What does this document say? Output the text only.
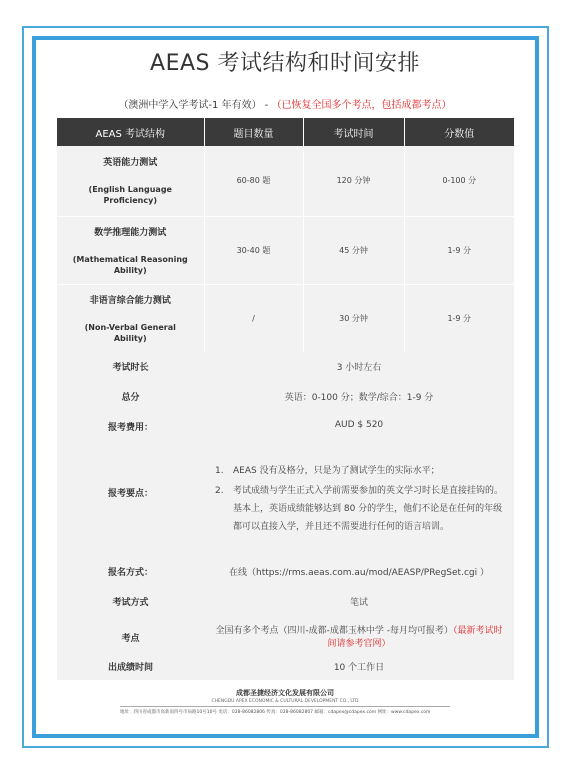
AEAS 考试结构和时间安排
（澳洲中学入学考试-1 年有效） - （已恢复全国多个考点，包括成都考点）
AEAS 考试结构	题目数量	考试时间	分数值

英语能力测试
(English Language Proficiency)	60-80 题	120 分钟	0-100 分

数学推理能力测试
(Mathematical Reasoning Ability)	30-40 题	45 分钟	1-9 分

非语言综合能力测试
(Non-Verbal General Ability)	/	30 分钟	1-9 分
考试时长	3 小时左右
总分	英语：0-100 分；数学/综合：1-9 分
报考费用：	AUD $ 520
报考要点：
1. AEAS 没有及格分，只是为了测试学生的实际水平；
2. 考试成绩与学生正式入学前需要参加的英文学习时长是直接挂钩的。基本上，英语成绩能够达到 80 分的学生，他们不论是在任何的年级都可以直接入学，并且还不需要进行任何的语言培训。
报名方式：	在线（https://rms.aeas.com.au/mod/AEASP/PRegSet.cgi ）
考试方式	笔试
考点
全国有多个考点（四川-成都-成都玉林中学 -每月均可报考）（最新考试时间请参考官网）
出成绩时间	10 个工作日
成都圣捷经济文化发展有限公司
CHENGDU APEX ECONOMIC & CULTURAL DEVELOPMENT CO., LTD
地址：四川省成都市高新南四号市局路10号10号 电话：028-86082806 传真：028-86082807 邮箱：cdapex@cdapex.com 网址：www.cdapex.com
